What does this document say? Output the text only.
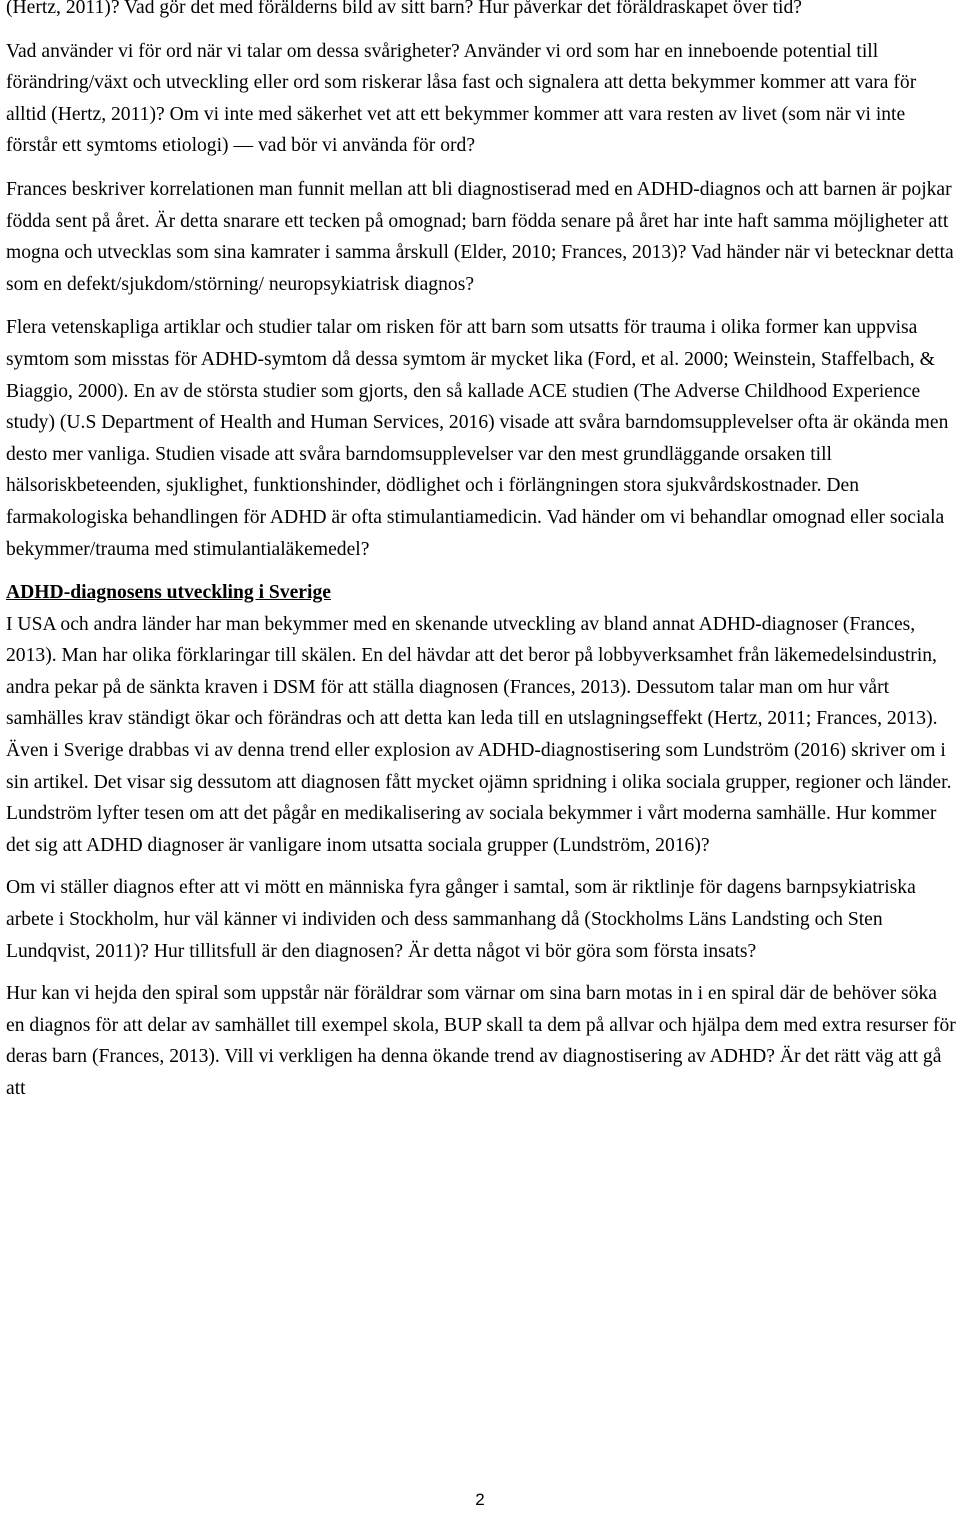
(Hertz, 2011)? Vad gör det med förälderns bild av sitt barn? Hur påverkar det föräldraskapet över tid?

Vad använder vi för ord när vi talar om dessa svårigheter? Använder vi ord som har en inneboende potential till förändring/växt och utveckling eller ord som riskerar låsa fast och signalera att detta bekymmer kommer att vara för alltid (Hertz, 2011)? Om vi inte med säkerhet vet att ett bekymmer kommer att vara resten av livet (som när vi inte förstår ett symtoms etiologi) ― vad bör vi använda för ord?

Frances beskriver korrelationen man funnit mellan att bli diagnostiserad med en ADHD-diagnos och att barnen är pojkar födda sent på året. Är detta snarare ett tecken på omognad; barn födda senare på året har inte haft samma möjligheter att mogna och utvecklas som sina kamrater i samma årskull (Elder, 2010; Frances, 2013)? Vad händer när vi betecknar detta som en defekt/sjukdom/störning/ neuropsykiatrisk diagnos?

Flera vetenskapliga artiklar och studier talar om risken för att barn som utsatts för trauma i olika former kan uppvisa symtom som misstas för ADHD-symtom då dessa symtom är mycket lika (Ford, et al. 2000; Weinstein, Staffelbach, & Biaggio, 2000). En av de största studier som gjorts, den så kallade ACE studien (The Adverse Childhood Experience study) (U.S Department of Health and Human Services, 2016) visade att svåra barndomsupplevelser ofta är okända men desto mer vanliga. Studien visade att svåra barndomsupplevelser var den mest grundläggande orsaken till hälsoriskbeteenden, sjuklighet, funktionshinder, dödlighet och i förlängningen stora sjukvårdskostnader. Den farmakologiska behandlingen för ADHD är ofta stimulantiamedicin. Vad händer om vi behandlar omognad eller sociala bekymmer/trauma med stimulantialäkemedel?

ADHD-diagnosens utveckling i Sverige

I USA och andra länder har man bekymmer med en skenande utveckling av bland annat ADHD-diagnoser (Frances, 2013). Man har olika förklaringar till skälen. En del hävdar att det beror på lobbyverksamhet från läkemedelsindustrin, andra pekar på de sänkta kraven i DSM för att ställa diagnosen (Frances, 2013). Dessutom talar man om hur vårt samhälles krav ständigt ökar och förändras och att detta kan leda till en utslagningseffekt (Hertz, 2011; Frances, 2013).

Även i Sverige drabbas vi av denna trend eller explosion av ADHD-diagnostisering som Lundström (2016) skriver om i sin artikel. Det visar sig dessutom att diagnosen fått mycket ojämn spridning i olika sociala grupper, regioner och länder. Lundström lyfter tesen om att det pågår en medikalisering av sociala bekymmer i vårt moderna samhälle. Hur kommer det sig att ADHD diagnoser är vanligare inom utsatta sociala grupper (Lundström, 2016)?

Om vi ställer diagnos efter att vi mött en människa fyra gånger i samtal, som är riktlinje för dagens barnpsykiatriska arbete i Stockholm, hur väl känner vi individen och dess sammanhang då (Stockholms Läns Landsting och Sten Lundqvist, 2011)? Hur tillitsfull är den diagnosen? Är detta något vi bör göra som första insats?

Hur kan vi hejda den spiral som uppstår när föräldrar som värnar om sina barn motas in i en spiral där de behöver söka en diagnos för att delar av samhället till exempel skola, BUP skall ta dem på allvar och hjälpa dem med extra resurser för deras barn (Frances, 2013). Vill vi verkligen ha denna ökande trend av diagnostisering av ADHD? Är det rätt väg att gå att

2
